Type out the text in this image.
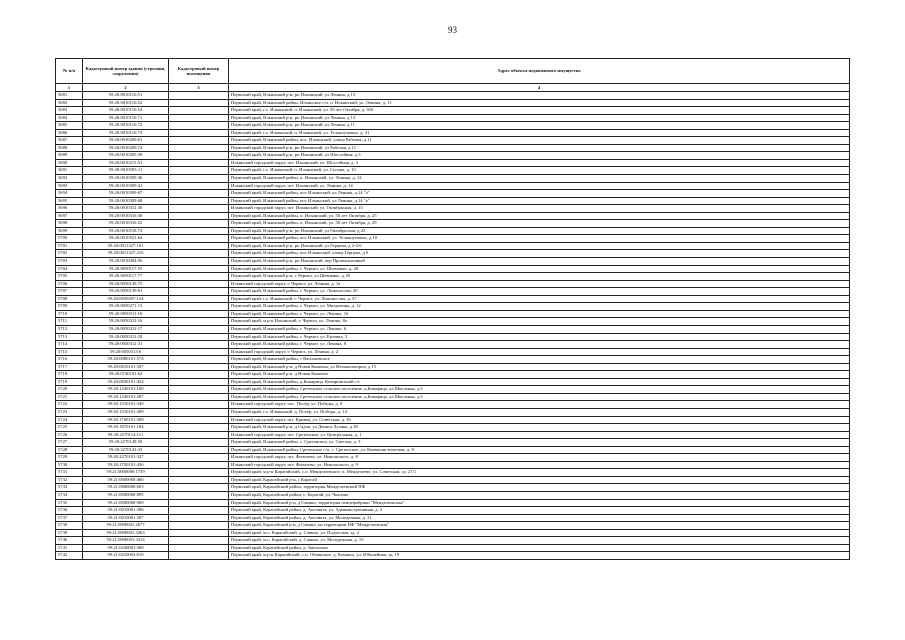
93
№ п/п	Кадастровый номер здания (строения, сооружения)	Кадастровый номер помещения	Адрес объекта недвижимого имущества
1	2	3	4
5681	59:20:0010116:51		Пермский край, Ильинский р-н, рп Ильинский, ул Ленина, д 13
5682	59:20:0010116:52		Пермский край, Ильинский район, Ильинское с/п, п. Ильинский, ул. Ленина, д. 11
5683	59:20:0010116:54		Пермский край, г.о. Ильинский, п. Ильинский, ул. 50 лет Октября, д. 92б
5684	59:20:0010116:71		Пермский край, Ильинский р-н, рп Ильинский, ул Ленина, д 13
5685	59:20:0010116:72		Пермский край, Ильинский р-н, рп Ильинский, ул Ленина, д 11
5686	59:20:0010116:73		Пермский край, г.о. Ильинский, п. Ильинский, ул. Тельноуховых, д. 31
5687	59:20:0010200:61		Пермский край, Ильинский район, пос. Ильинский, улица Рабочая, д.11
5688	59:20:0010200:74		Пермский край, Ильинский р-н, рп Ильинский, ул Рабочая, д 11
5689	59:20:0010205:39		Пермский край, Ильинский р-н, рп Ильинский, ул Шоссейная, д 3
5690	59:20:0010215:51		Ильинский городской округ, пгт. Ильинский, ул. Шоссейная, д. 3
5691	59:20:0010303:11		Пермский край, г.о. Ильинский, п. Ильинский, ул. Сусина, д. 10
5692	59:20:0010309:36		Пермский край, Ильинский район, п. Ильинский, ул. Ленина, д. 12
5693	59:20:0010309:41		Ильинский городской округ, пгт. Ильинский, ул. Ленина, д. 14
5694	59:20:0010309:67		Пермский край, Ильинский район, пос Ильинский, ул Ленина, д.14 "а"
5695	59:20:0010309:68		Пермский край, Ильинский район, пос Ильинский, ул Ленина, д.14 "а"
5696	59:20:0010312:30		Ильинский городской округ, пгт. Ильинский, ул. Октябрьская, д. 15
5697	59:20:0010316:38		Пермский край, Ильинский район, п. Ильинский, ул. 50 лет Октября, д. 25
5698	59:20:0010316:52		Пермский край, Ильинский район, п. Ильинский, ул. 50 лет Октября, д. 29
5699	59:20:0010518:72		Пермский край, Ильинский р-н, рп Ильинский, ул Октябрьская, д 22
5700	59:20:0010521:64		Пермский край, Ильинский район, пос Ильинский, ул. Тельноуховых, д 10
5701	59:20:0011327:161		Пермский край, Ильинский р-н, рп Ильинский, ул Герцена, д 2-4-6
5702	59:20:0011327:216		Пермский край, Ильинский район, пос Ильинский, улица Герцена, д 6
5703	59:20:0010404:56		Пермский край, Ильинский р-н, рп Ильинский, пер Промышленный
5704	59:20:0050117:55		Пермский край, Ильинский район, г. Чермоз, ул. Шевченко, д. 28
5705	59:20:0050117:77		Пермский край, Ильинский р-н, г Чермоз, ул Шевченко, д 28
5706	59:20:0050139:75		Ильинский городской округ, г. Чермоз, ул. Ленина, д. 1а
5707	59:20:0050139:81		Пермский край, Ильинский район, г. Чермоз, ул. Ломоносова, 20
5708	59:20:0050307:124		Пермский край, г.о. Ильинский, г. Чермоз, ул. Ломоносова, д. 57
5709	59:20:0050271:15		Пермский край, Ильинский район, г. Чермоз, ул. Митрохина, д. 12
5710	59:20:0050311:16		Пермский край, Ильинский район, г. Чермоз, ул. Ленина, 16
5711	59:20:0050312:16		Пермский край, м.р-н Ильинский, г. Чермоз, ул. Ленина, 8а
5712	59:20:0050312:17		Пермский край, Ильинский район, г. Чермоз, ул. Ленина, 6
5713	59:20:0050312:18		Пермский край, Ильинский район, г. Чермоз, ул. Ерзовка, 3
5714	59:20:0050312:31		Пермский край, Ильинский район, г. Чермоз, ул. Ленина, 8
5715	59:20:0050313:6		Ильинский городской округ, г. Чермоз, ул. Ленина, д. 2
5716	59:20:0080101:574		Пермский край, Ильинский район, с Васильевское
5717	59:20:0610101:307		Пермский край, Ильинский р-н, д Новая Каменка, ул Механизаторов, д 15
5718	59:20:0740101:62		Пермский край, Ильинский р-н, д Новая Каменка
5719	59:20:0830101:454		Пермский край, Ильинский район, д.Комарица, Комаринсккий с/с
5720	59:20:1240101:100		Пермский край, Ильинский район, Сретенское сельское поселение, д.Комарица, ул.Школьная, д.5
5721	59:20:1240101:287		Пермский край, Ильинский район, Сретенское сельское поселение, д.Комарица, ул.Школьная, д.5
5722	59:20:1510101:349		Ильинский городской округ, пос. Посёр, ул. Победы, д. 8
5723	59:20:1510101:409		Пермский край, г.о. Ильинский, д. Посёр, ул. Победы, д. 14
5724	59:20:1700101:509		Ильинский городской округ, пгт. Кривец, ул. Советская, д. 16
5725	59:20:1870101:184		Пермский край, Ильинский р-н, д Садок, ул Дениса Лузина, д 20
5726	59:20:2270114:111		Ильинский городской округ, пгт. Сретенское, ул. Центральная, д. 1
5727	59:20:2270128:50		Пермский край, Ильинский район, с. Сретенское, ул. Светлая, д. 3
5728	59:20:2270143:33		Пермский край, Ильинский район, Сретенское с/п, с. Сретенское, ул. Коммунистическая, д. 8
5729	59:20:2270101:327		Ильинский городской округ, пгт. Филатово, ул. Никольского, д. 8
5730	59:20:2750101:436		Ильинский городской округ, пгт. Филатово, ул. Никольского, д. 9
5731	59:21:0000000:1739		Пермский край, м.р-н Карагайский, с.п. Менделеевское, п. Менделеево, ул. Советская, зд. 27/1
5732	59:21:0000000:466		Пермский край, Карагайский р-н, с Карагай
5733	59:21:0000000:603		Пермский край, Карагайский район, территория Менделеевский ПФ
5734	59:21:0000000:895		Пермский край, Карагайский район, с. Карагай, ул. Чкалова
5735	59:21:0000000:900		Пермский край, Карагайский р-н, д Савино, территория птицефабрики "Менделеевская"
5736	59:21:0010001:306		Пермский край, Карагайский район, д. Антонята, ул. Административная, д. 2
5737	59:21:0010001:307		Пермский край, Карагайский район, д. Антонята, ул. Молодежная, д. 31
5738	59:21:0090001:2677		Пермский край, Карагайский р-н, д Савино, на территории ПФ "Менделеевская"
5739	59:21:0090001:3263		Пермский край, м.о. Карагайский, д. Савино, ул. Подлесная, зд. 2
5740	59:21:0090001:3414		Пермский край, м.о. Карагайский, д. Савино, ул. Молодежная, д. 15
5741	59:21:0240001:368		Пермский край, Карагайский район, д. Заюльское
5742	59:21:0410003:619		Пермский край, м.р-н Карагайский, с.п. Обвинское, д. Комаята, ул. Юбилейная, зд. 19
